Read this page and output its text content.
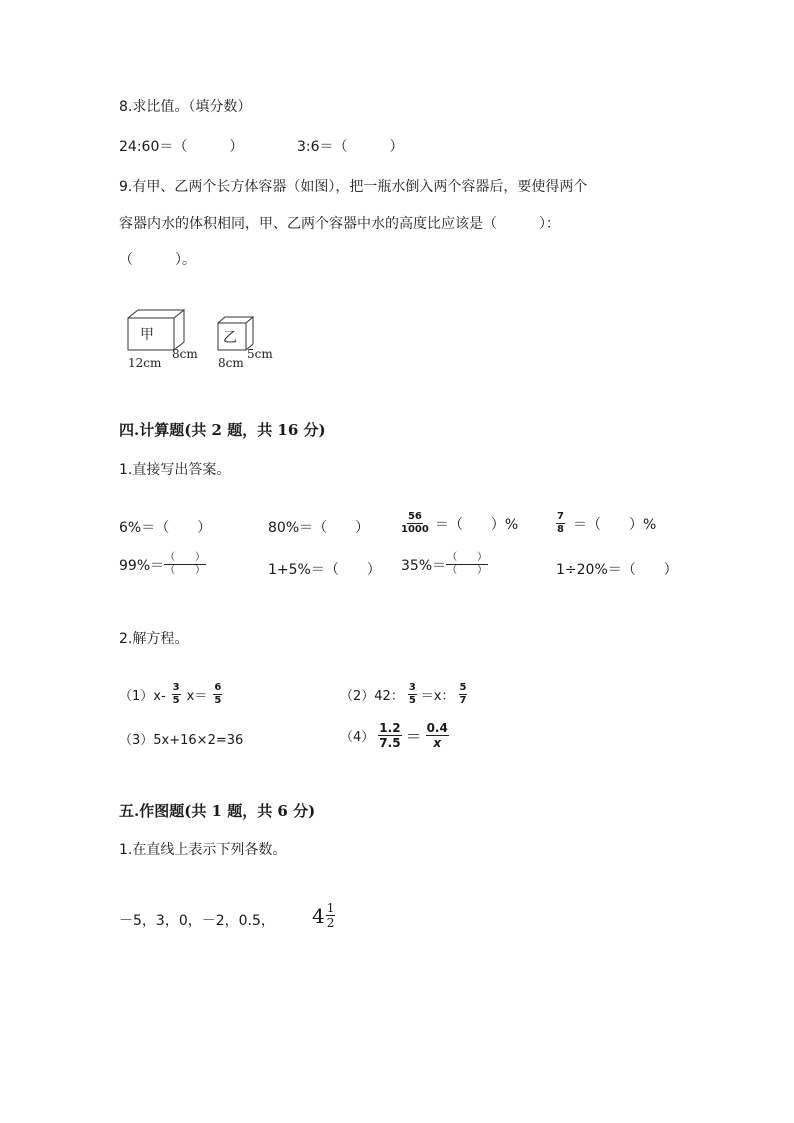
8.求比值。（填分数）
24:60＝（　　　）	3:6＝（　　　）
9.有甲、乙两个长方体容器（如图），把一瓶水倒入两个容器后，要使得两个
容器内水的体积相同，甲、乙两个容器中水的高度比应该是（　　　）：
（　　　）。
甲
12cm
8cm
乙
8cm
5cm
四.计算题(共 2 题，共 16 分)
1.直接写出答案。
6%＝（　　）	80%＝（　　）	$\frac{56}{1000}$ ＝（　　）%	$\frac{7}{8}$ ＝（　　）%
$99\%= \frac{( )}{( )}$	1+5%＝（　　） $35\%= \frac{( )}{( )}$	1÷20%＝（　　）
2.解方程。
$(1)x- \frac{3}{5} x= \frac{6}{5}$	（2）42： $\frac{3}{5} =x$： $\frac{5}{7}$
（3）5x+16×2=36	$(4) \frac{1.2}{7.5} = \frac{0.4}{x}$
五.作图题(共 1 题，共 6 分)
1.在直线上表示下列各数。
－5，3，0，－2，0.5， $4 \frac{1}{2}$
